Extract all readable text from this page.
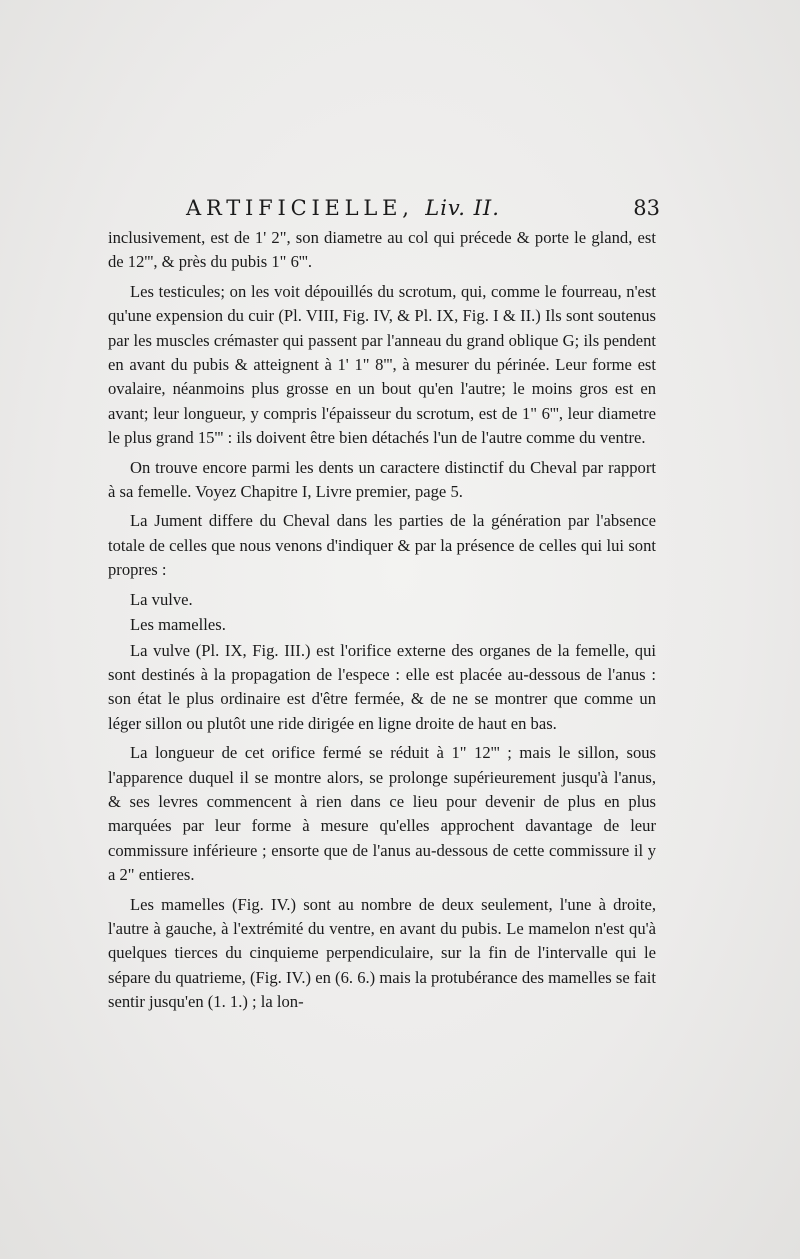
ARTIFICIELLE, Liv. II.	83

inclusivement, est de 1' 2", son diametre au col qui précede & porte le gland, est de 12''', & près du pubis 1" 6'''.

Les testicules; on les voit dépouillés du scrotum, qui, comme le fourreau, n'est qu'une expension du cuir (Pl. VIII, Fig. IV, & Pl. IX, Fig. I & II.) Ils sont soutenus par les muscles crémaster qui passent par l'anneau du grand oblique G; ils pendent en avant du pubis & atteignent à 1' 1" 8''', à mesurer du périnée. Leur forme est ovalaire, néanmoins plus grosse en un bout qu'en l'autre; le moins gros est en avant; leur longueur, y compris l'épaisseur du scrotum, est de 1" 6''', leur diametre le plus grand 15''' : ils doivent être bien détachés l'un de l'autre comme du ventre.

On trouve encore parmi les dents un caractere distinctif du Cheval par rapport à sa femelle. Voyez Chapitre I, Livre premier, page 5.

La Jument differe du Cheval dans les parties de la génération par l'absence totale de celles que nous venons d'indiquer & par la présence de celles qui lui sont propres :

La vulve.

Les mamelles.

La vulve (Pl. IX, Fig. III.) est l'orifice externe des organes de la femelle, qui sont destinés à la propagation de l'espece : elle est placée au-dessous de l'anus : son état le plus ordinaire est d'être fermée, & de ne se montrer que comme un léger sillon ou plutôt une ride dirigée en ligne droite de haut en bas.

La longueur de cet orifice fermé se réduit à 1" 12''' ; mais le sillon, sous l'apparence duquel il se montre alors, se prolonge supérieurement jusqu'à l'anus, & ses levres commencent à rien dans ce lieu pour devenir de plus en plus marquées par leur forme à mesure qu'elles approchent davantage de leur commissure inférieure ; ensorte que de l'anus au-dessous de cette commissure il y a 2" entieres.

Les mamelles (Fig. IV.) sont au nombre de deux seulement, l'une à droite, l'autre à gauche, à l'extrémité du ventre, en avant du pubis. Le mamelon n'est qu'à quelques tierces du cinquieme perpendiculaire, sur la fin de l'intervalle qui le sépare du quatrieme, (Fig. IV.) en (6. 6.) mais la protubérance des mamelles se fait sentir jusqu'en (1. 1.) ; la lon-
